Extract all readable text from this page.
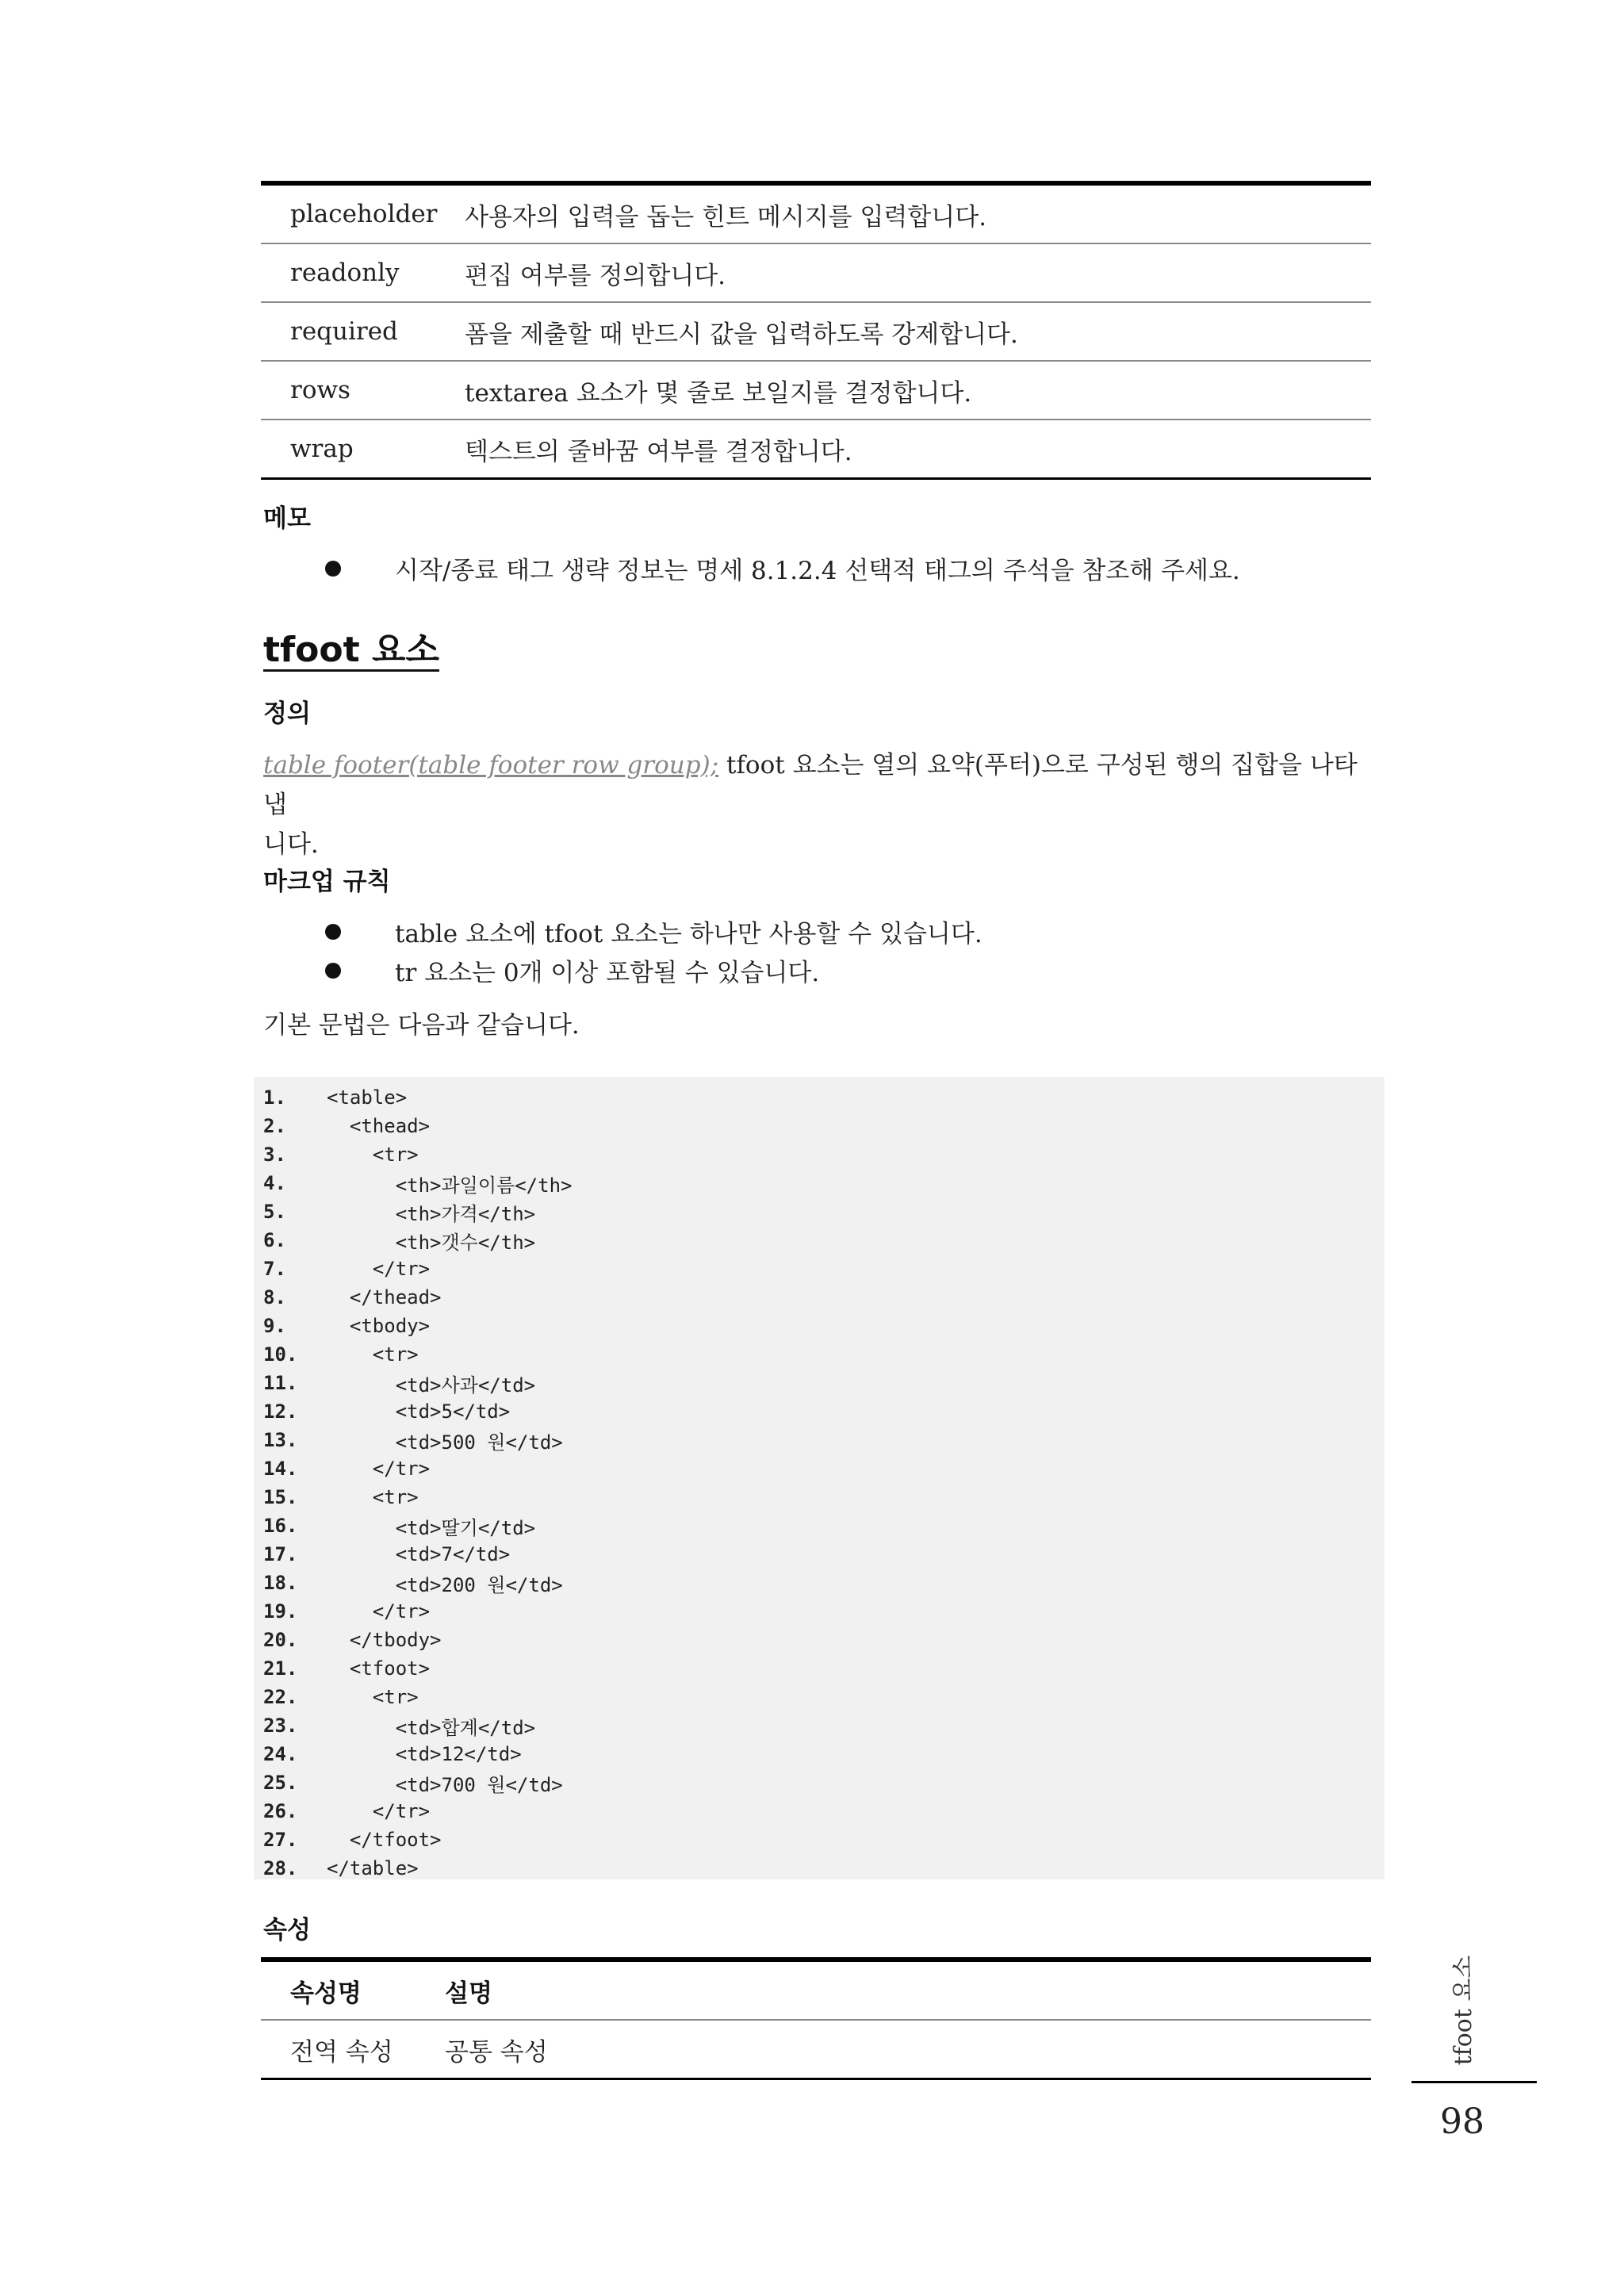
placeholder	사용자의 입력을 돕는 힌트 메시지를 입력합니다.
readonly	편집 여부를 정의합니다.
required	폼을 제출할 때 반드시 값을 입력하도록 강제합니다.
rows	textarea 요소가 몇 줄로 보일지를 결정합니다.
wrap	텍스트의 줄바꿈 여부를 결정합니다.
메모
시작/종료 태그 생략 정보는 명세 8.1.2.4 선택적 태그의 주석을 참조해 주세요.
tfoot 요소
정의
table footer(table footer row group); tfoot 요소는 열의 요약(푸터)으로 구성된 행의 집합을 나타냅
니다.
마크업 규칙
table 요소에 tfoot 요소는 하나만 사용할 수 있습니다.
tr 요소는 0개 이상 포함될 수 있습니다.
기본 문법은 다음과 같습니다.
1.	<table>
2.	<thead>
3.	<tr>
4.	<th>과일이름</th>
5.	<th>가격</th>
6.	<th>갯수</th>
7.	</tr>
8.	</thead>
9.	<tbody>
10.	<tr>
11.	<td>사과</td>
12.	<td>5</td>
13.	<td>500 원</td>
14.	</tr>
15.	<tr>
16.	<td>딸기</td>
17.	<td>7</td>
18.	<td>200 원</td>
19.	</tr>
20.	</tbody>
21.	<tfoot>
22.	<tr>
23.	<td>합계</td>
24.	<td>12</td>
25.	<td>700 원</td>
26.	</tr>
27.	</tfoot>
28.	</table>
속성
속성명	설명
전역 속성	공통 속성	tfoot 요소
98
